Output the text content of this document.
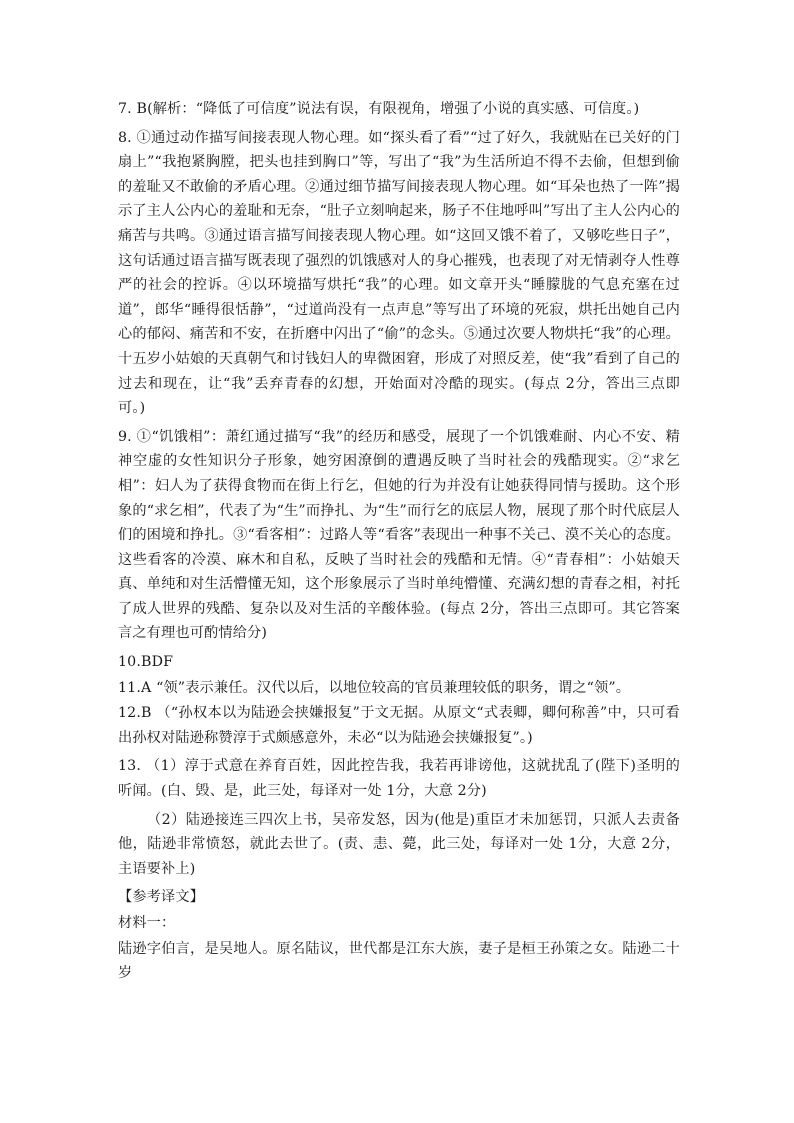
7. B(解析：“降低了可信度”说法有误，有限视角，增强了小说的真实感、可信度。)

8. ①通过动作描写间接表现人物心理。如“探头看了看”“过了好久，我就贴在已关好的门扇上”“我抱紧胸膛，把头也挂到胸口”等，写出了“我”为生活所迫不得不去偷，但想到偷的羞耻又不敢偷的矛盾心理。②通过细节描写间接表现人物心理。如“耳朵也热了一阵”揭示了主人公内心的羞耻和无奈，“肚子立刻响起来，肠子不住地呼叫”写出了主人公内心的痛苦与共鸣。③通过语言描写间接表现人物心理。如“这回又饿不着了，又够吃些日子”，这句话通过语言描写既表现了强烈的饥饿感对人的身心摧残，也表现了对无情剥夺人性尊严的社会的控诉。④以环境描写烘托“我”的心理。如文章开头“睡朦胧的气息充塞在过道”，郎华“睡得很恬静”，“过道尚没有一点声息”等写出了环境的死寂，烘托出她自己内心的郁闷、痛苦和不安，在折磨中闪出了“偷”的念头。⑤通过次要人物烘托“我”的心理。十五岁小姑娘的天真朝气和讨钱妇人的卑微困窘，形成了对照反差，使“我”看到了自己的过去和现在，让“我”丢弃青春的幻想，开始面对冷酷的现实。(每点 2分，答出三点即可。)

9. ①“饥饿相”：萧红通过描写“我”的经历和感受，展现了一个饥饿难耐、内心不安、精神空虚的女性知识分子形象，她穷困潦倒的遭遇反映了当时社会的残酷现实。②“求乞相”：妇人为了获得食物而在街上行乞，但她的行为并没有让她获得同情与援助。这个形象的“求乞相”，代表了为“生”而挣扎、为“生”而行乞的底层人物，展现了那个时代底层人们的困境和挣扎。③“看客相”：过路人等“看客”表现出一种事不关己、漠不关心的态度。这些看客的冷漠、麻木和自私，反映了当时社会的残酷和无情。④“青春相”：小姑娘天真、单纯和对生活懵懂无知，这个形象展示了当时单纯懵懂、充满幻想的青春之相，衬托了成人世界的残酷、复杂以及对生活的辛酸体验。(每点 2分，答出三点即可。其它答案言之有理也可酌情给分)

10.BDF

11.A “领”表示兼任。汉代以后，以地位较高的官员兼理较低的职务，谓之“领”。

12.B （“孙权本以为陆逊会挟嫌报复”于文无据。从原文“式表卿，卿何称善”中，只可看出孙权对陆逊称赞淳于式颇感意外，未必“以为陆逊会挟嫌报复”。)

13. （1）淳于式意在养育百姓，因此控告我，我若再诽谤他，这就扰乱了(陛下)圣明的听闻。(白、毁、是，此三处，每译对一处 1分，大意 2分)

（2）陆逊接连三四次上书，吴帝发怒，因为(他是)重臣才未加惩罚，只派人去责备他，陆逊非常愤怒，就此去世了。(责、恚、薨，此三处，每译对一处 1分，大意 2分，主语要补上)

【参考译文】

材料一：

陆逊字伯言，是吴地人。原名陆议，世代都是江东大族，妻子是桓王孙策之女。陆逊二十岁
